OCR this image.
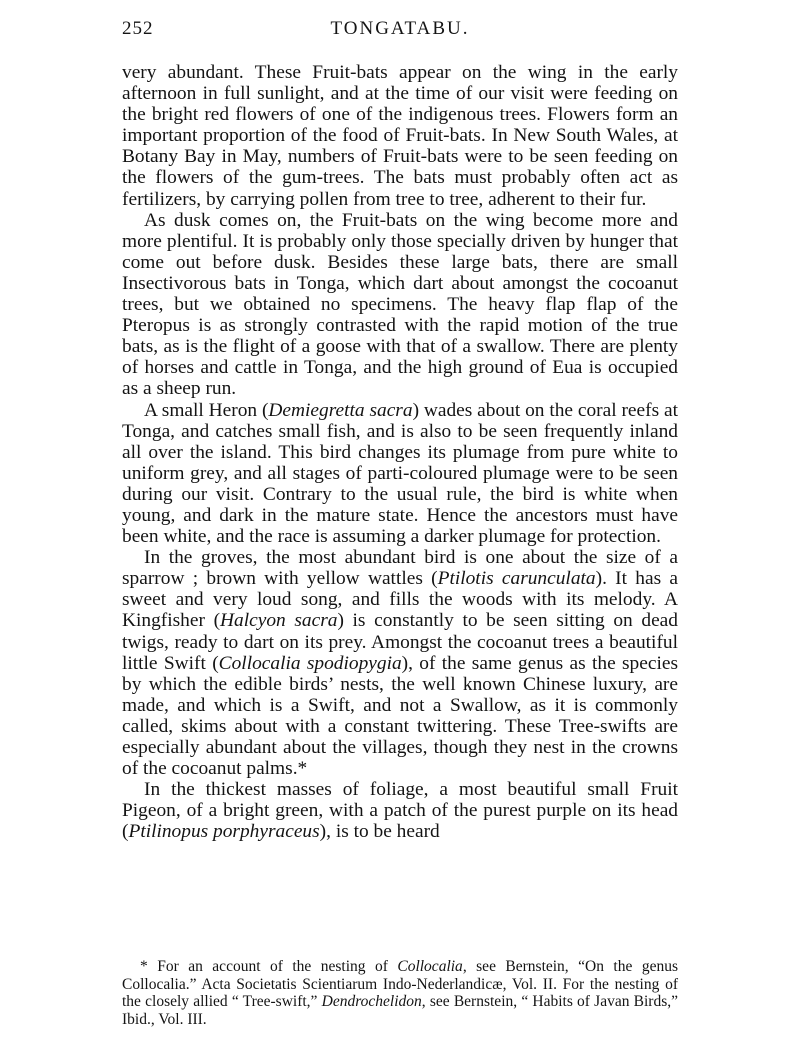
252	TONGATABU.

very abundant. These Fruit-bats appear on the wing in the early afternoon in full sunlight, and at the time of our visit were feeding on the bright red flowers of one of the indigenous trees. Flowers form an important proportion of the food of Fruit-bats. In New South Wales, at Botany Bay in May, numbers of Fruit-bats were to be seen feeding on the flowers of the gum-trees. The bats must probably often act as fertilizers, by carrying pollen from tree to tree, adherent to their fur.

As dusk comes on, the Fruit-bats on the wing become more and more plentiful. It is probably only those specially driven by hunger that come out before dusk. Besides these large bats, there are small Insectivorous bats in Tonga, which dart about amongst the cocoanut trees, but we obtained no specimens. The heavy flap flap of the Pteropus is as strongly contrasted with the rapid motion of the true bats, as is the flight of a goose with that of a swallow. There are plenty of horses and cattle in Tonga, and the high ground of Eua is occupied as a sheep run.

A small Heron (Demiegretta sacra) wades about on the coral reefs at Tonga, and catches small fish, and is also to be seen frequently inland all over the island. This bird changes its plumage from pure white to uniform grey, and all stages of parti-coloured plumage were to be seen during our visit. Contrary to the usual rule, the bird is white when young, and dark in the mature state. Hence the ancestors must have been white, and the race is assuming a darker plumage for protection.

In the groves, the most abundant bird is one about the size of a sparrow ; brown with yellow wattles (Ptilotis carunculata). It has a sweet and very loud song, and fills the woods with its melody. A Kingfisher (Halcyon sacra) is constantly to be seen sitting on dead twigs, ready to dart on its prey. Amongst the cocoanut trees a beautiful little Swift (Collocalia spodiopygia), of the same genus as the species by which the edible birds’ nests, the well known Chinese luxury, are made, and which is a Swift, and not a Swallow, as it is commonly called, skims about with a constant twittering. These Tree-swifts are especially abundant about the villages, though they nest in the crowns of the cocoanut palms.*

In the thickest masses of foliage, a most beautiful small Fruit Pigeon, of a bright green, with a patch of the purest purple on its head (Ptilinopus porphyraceus), is to be heard

* For an account of the nesting of Collocalia, see Bernstein, “On the genus Collocalia.” Acta Societatis Scientiarum Indo-Nederlandicæ, Vol. II. For the nesting of the closely allied “ Tree-swift,” Dendrochelidon, see Bernstein, “ Habits of Javan Birds,” Ibid., Vol. III.
